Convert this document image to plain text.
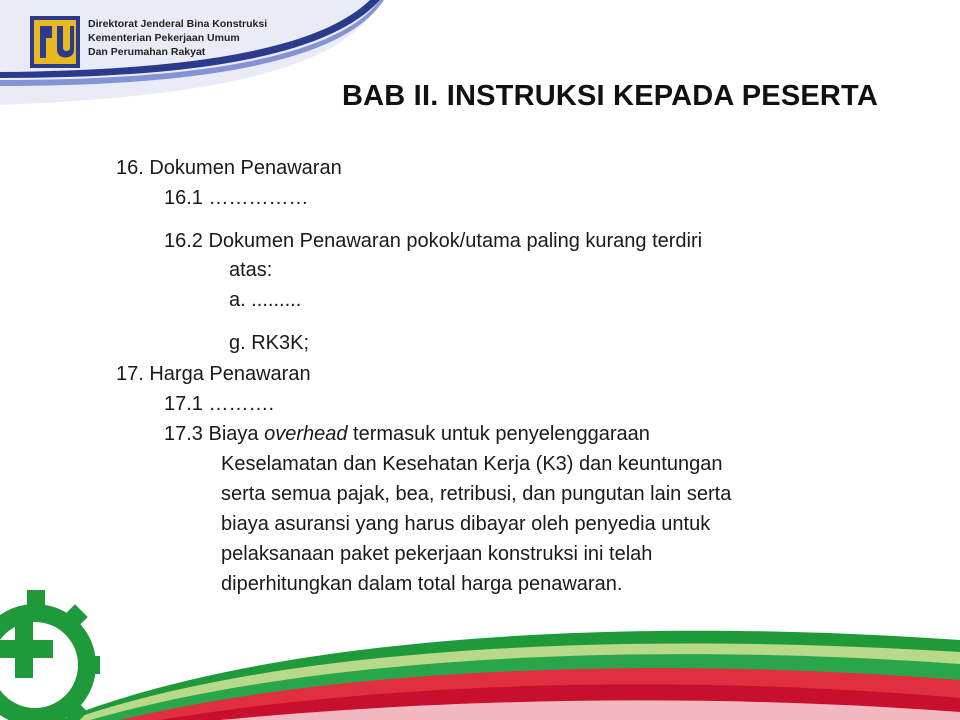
Direktorat Jenderal Bina Konstruksi
Kementerian Pekerjaan Umum
Dan Perumahan Rakyat
BAB II. INSTRUKSI KEPADA PESERTA
16. Dokumen Penawaran
16.1 ……………
16.2 Dokumen Penawaran pokok/utama paling kurang terdiri
atas:
a. .........
g. RK3K;
17. Harga Penawaran
17.1 ……….
17.3 Biaya overhead termasuk untuk penyelenggaraan
Keselamatan dan Kesehatan Kerja (K3) dan keuntungan
serta semua pajak, bea, retribusi, dan pungutan lain serta
biaya asuransi yang harus dibayar oleh penyedia untuk
pelaksanaan paket pekerjaan konstruksi ini telah
diperhitungkan dalam total harga penawaran.
